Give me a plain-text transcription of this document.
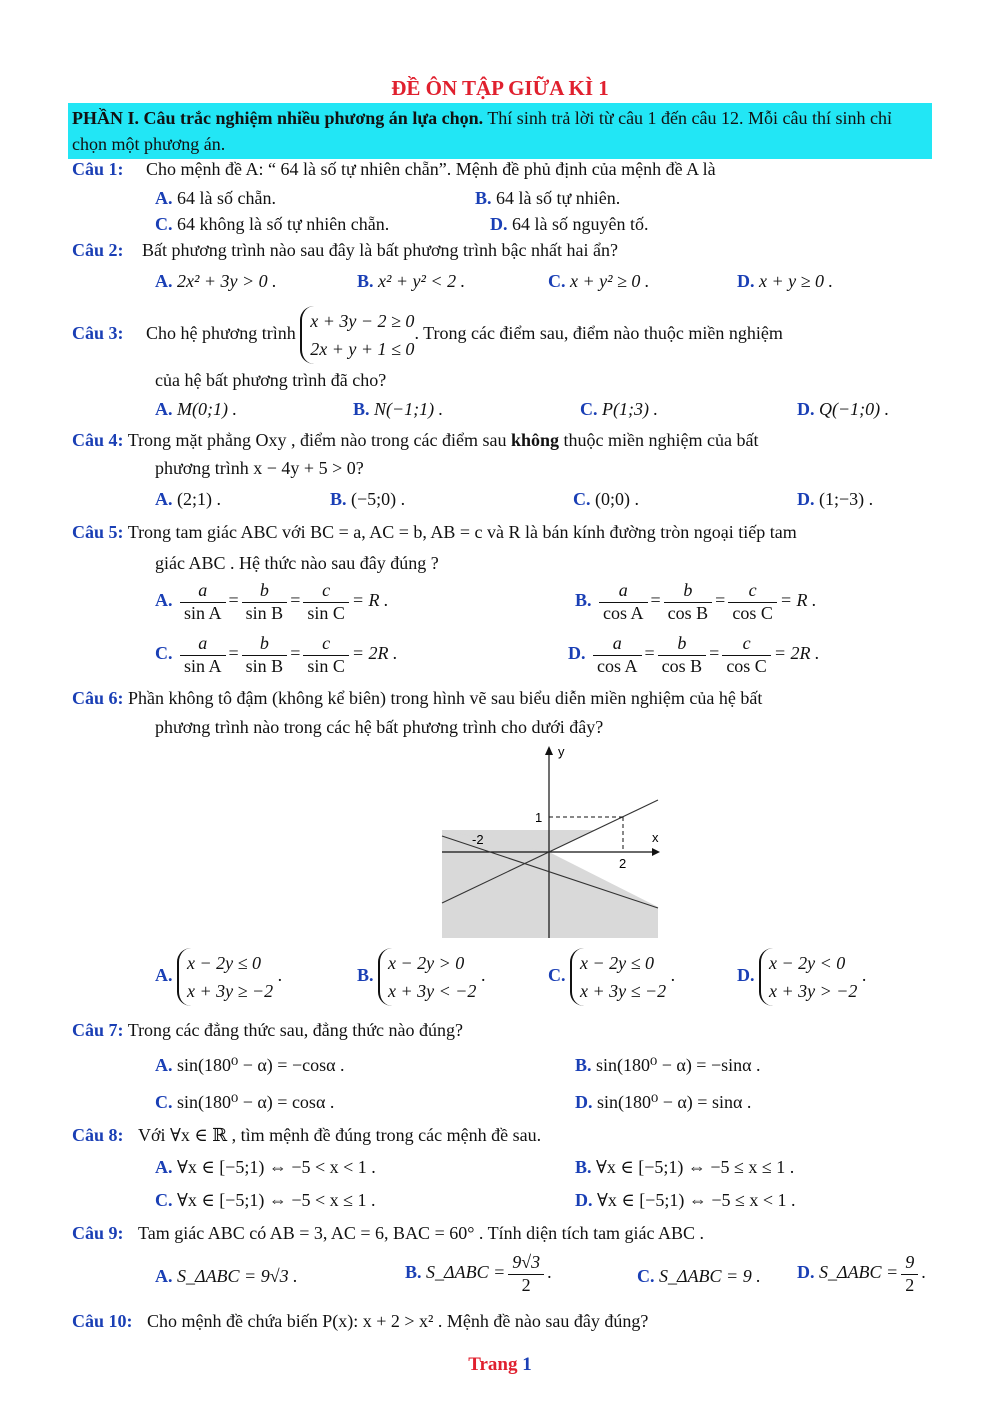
ĐỀ ÔN TẬP GIỮA KÌ 1
PHẦN I. Câu trắc nghiệm nhiều phương án lựa chọn. Thí sinh trả lời từ câu 1 đến câu 12. Mỗi câu thí sinh chỉ chọn một phương án.
Câu 1: Cho mệnh đề A: “ 64 là số tự nhiên chẵn”. Mệnh đề phủ định của mệnh đề A là
A. 64 là số chẵn.	B. 64 là số tự nhiên.
C. 64 không là số tự nhiên chẵn.	D. 64 là số nguyên tố.
Câu 2: Bất phương trình nào sau đây là bất phương trình bậc nhất hai ẩn?
A. 2x² + 3y > 0 .	B. x² + y² < 2 .	C. x + y² ≥ 0 .	D. x + y ≥ 0 .
Câu 3: Cho hệ phương trình
x + 3y − 2 ≥ 0
2x + y + 1 ≤ 0
. Trong các điểm sau, điểm nào thuộc miền nghiệm
của hệ bất phương trình đã cho?
A. M(0;1) .	B. N(−1;1) .	C. P(1;3) .	D. Q(−1;0) .
Câu 4: Trong mặt phẳng Oxy , điểm nào trong các điểm sau không thuộc miền nghiệm của bất
phương trình x − 4y + 5 > 0?
A. (2;1) .	B. (−5;0) .	C. (0;0) .	D. (1;−3) .
Câu 5: Trong tam giác ABC với BC = a, AC = b, AB = c và R là bán kính đường tròn ngoại tiếp tam
giác ABC . Hệ thức nào sau đây đúng ?
A. $\frac{a}{\text{sin A}} = \frac{b}{\text{sin B}} = \frac{c}{\text{sin C}} = R$ .	B. $\frac{a}{\text{cos A}} = \frac{b}{\text{cos B}} = \frac{c}{\text{cos C}} = R$ .
C. $\frac{a}{\text{sin A}} = \frac{b}{\text{sin B}} = \frac{c}{\text{sin C}} = 2R$ .	D. $\frac{a}{\text{cos A}} = \frac{b}{\text{cos B}} = \frac{c}{\text{cos C}} = 2R$ .
Câu 6: Phần không tô đậm (không kể biên) trong hình vẽ sau biểu diễn miền nghiệm của hệ bất
phương trình nào trong các hệ bất phương trình cho dưới đây?
x
y
-2
2
1
A.
x − 2y ≤ 0
x + 3y ≥ −2
.	B.
x − 2y > 0
x + 3y < −2
.	C.
x − 2y ≤ 0
x + 3y ≤ −2
.	D.
x − 2y < 0
x + 3y > −2
.
Câu 7: Trong các đẳng thức sau, đẳng thức nào đúng?
A. sin(180⁰ − α) = −cosα .	B. sin(180⁰ − α) = −sinα .
C. sin(180⁰ − α) = cosα .	D. sin(180⁰ − α) = sinα .
Câu 8: Với ∀x ∈ ℝ , tìm mệnh đề đúng trong các mệnh đề sau.
A. ∀x ∈ [−5;1) ⇔ −5 < x < 1 .	B. ∀x ∈ [−5;1) ⇔ −5 ≤ x ≤ 1 .
C. ∀x ∈ [−5;1) ⇔ −5 < x ≤ 1 .	D. ∀x ∈ [−5;1) ⇔ −5 ≤ x < 1 .
Câu 9: Tam giác ABC có AB = 3, AC = 6, BAC = 60° . Tính diện tích tam giác ABC .
A. S_ΔABC = 9√3 .	B. S_ΔABC = $\frac{9√3}{2}$ .	C. S_ΔABC = 9 . D. S_ΔABC = $\frac{9}{2}$ .
Câu 10: Cho mệnh đề chứa biến P(x): x + 2 > x² . Mệnh đề nào sau đây đúng?
Trang 1
